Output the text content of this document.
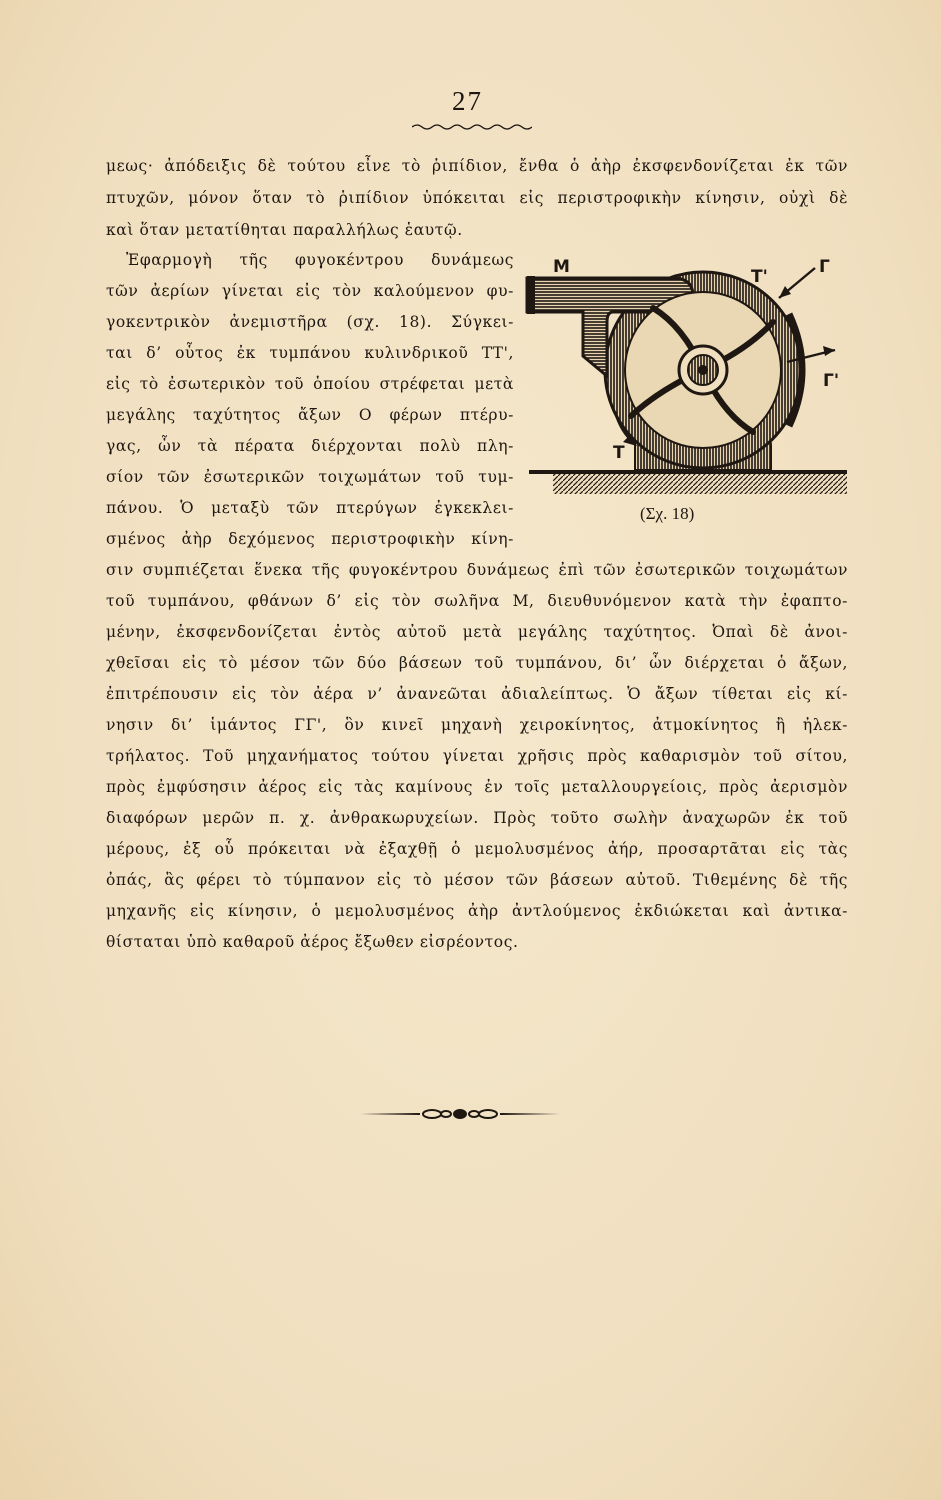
27
μεως· ἀπόδειξις δὲ τούτου εἶνε τὸ ῥιπίδιον, ἔνθα ὁ ἀὴρ ἐκσφενδονίζεται ἐκ τῶν
πτυχῶν, μόνον ὅταν τὸ ῥιπίδιον ὑπόκειται εἰς περιστροφικὴν κίνησιν, οὐχὶ δὲ
καὶ ὅταν μετατίθηται παραλλήλως ἑαυτῷ.
Ἐφαρμογὴ τῆς φυγοκέντρου δυνάμεως
τῶν ἀερίων γίνεται εἰς τὸν καλούμενον φυ-
γοκεντρικὸν ἀνεμιστῆρα (σχ. 18). Σύγκει-
ται δ’ οὗτος ἐκ τυμπάνου κυλινδρικοῦ ΤΤ',
εἰς τὸ ἐσωτερικὸν τοῦ ὁποίου στρέφεται μετὰ
μεγάλης ταχύτητος ἄξων Ο φέρων πτέρυ-
γας, ὧν τὰ πέρατα διέρχονται πολὺ πλη-
σίον τῶν ἐσωτερικῶν τοιχωμάτων τοῦ τυμ-
πάνου. Ὁ μεταξὺ τῶν πτερύγων ἐγκεκλει-
σμένος ἀὴρ δεχόμενος περιστροφικὴν κίνη-
σιν συμπιέζεται ἕνεκα τῆς φυγοκέντρου δυνάμεως ἐπὶ τῶν ἐσωτερικῶν τοιχωμάτων
τοῦ τυμπάνου, φθάνων δ’ εἰς τὸν σωλῆνα Μ, διευθυνόμενον κατὰ τὴν ἐφαπτο-
μένην, ἐκσφενδονίζεται ἐντὸς αὐτοῦ μετὰ μεγάλης ταχύτητος. Ὀπαὶ δὲ ἀνοι-
χθεῖσαι εἰς τὸ μέσον τῶν δύο βάσεων τοῦ τυμπάνου, δι’ ὧν διέρχεται ὁ ἄξων,
ἐπιτρέπουσιν εἰς τὸν ἀέρα ν’ ἀνανεῶται ἀδιαλείπτως. Ὁ ἄξων τίθεται εἰς κί-
νησιν δι’ ἱμάντος ΓΓ', ὃν κινεῖ μηχανὴ χειροκίνητος, ἀτμοκίνητος ἢ ἠλεκ-
τρήλατος. Τοῦ μηχανήματος τούτου γίνεται χρῆσις πρὸς καθαρισμὸν τοῦ σίτου,
πρὸς ἐμφύσησιν ἀέρος εἰς τὰς καμίνους ἐν τοῖς μεταλλουργείοις, πρὸς ἀερισμὸν
διαφόρων μερῶν π. χ. ἀνθρακωρυχείων. Πρὸς τοῦτο σωλὴν ἀναχωρῶν ἐκ τοῦ
μέρους, ἐξ οὗ πρόκειται νὰ ἐξαχθῇ ὁ μεμολυσμένος ἀήρ, προσαρτᾶται εἰς τὰς
ὀπάς, ἃς φέρει τὸ τύμπανον εἰς τὸ μέσον τῶν βάσεων αὐτοῦ. Τιθεμένης δὲ τῆς
μηχανῆς εἰς κίνησιν, ὁ μεμολυσμένος ἀὴρ ἀντλούμενος ἐκδιώκεται καὶ ἀντικα-
θίσταται ὑπὸ καθαροῦ ἀέρος ἔξωθεν εἰσρέοντος.
M	T'	Γ
Γ'
T
(Σχ. 18)
